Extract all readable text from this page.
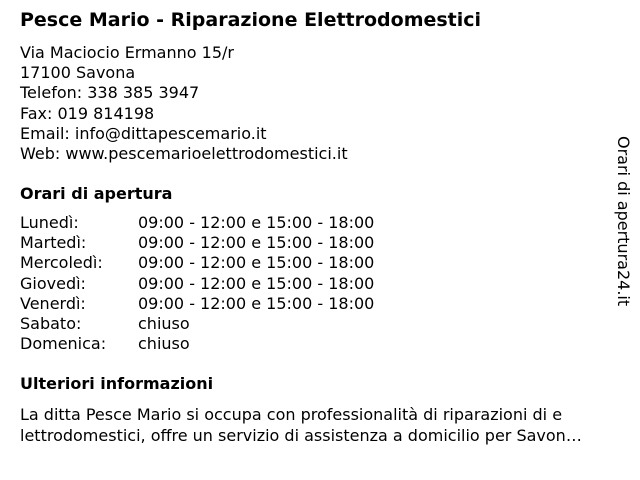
Pesce Mario - Riparazione Elettrodomestici
Via Maciocio Ermanno 15/r
17100 Savona
Telefon: 338 385 3947
Fax: 019 814198
Email: info@dittapescemario.it
Web: www.pescemarioelettrodomestici.it
Orari di apertura
Lunedì:	09:00 - 12:00 e 15:00 - 18:00
Martedì:	09:00 - 12:00 e 15:00 - 18:00
Mercoledì: 09:00 - 12:00 e 15:00 - 18:00
Giovedì:	09:00 - 12:00 e 15:00 - 18:00
Venerdì:	09:00 - 12:00 e 15:00 - 18:00
Sabato:	chiuso
Domenica: chiuso
Ulteriori informazioni
La ditta Pesce Mario si occupa con professionalità di riparazioni di e
lettrodomestici, offre un servizio di assistenza a domicilio per Savon…
Orari di apertura24.it
